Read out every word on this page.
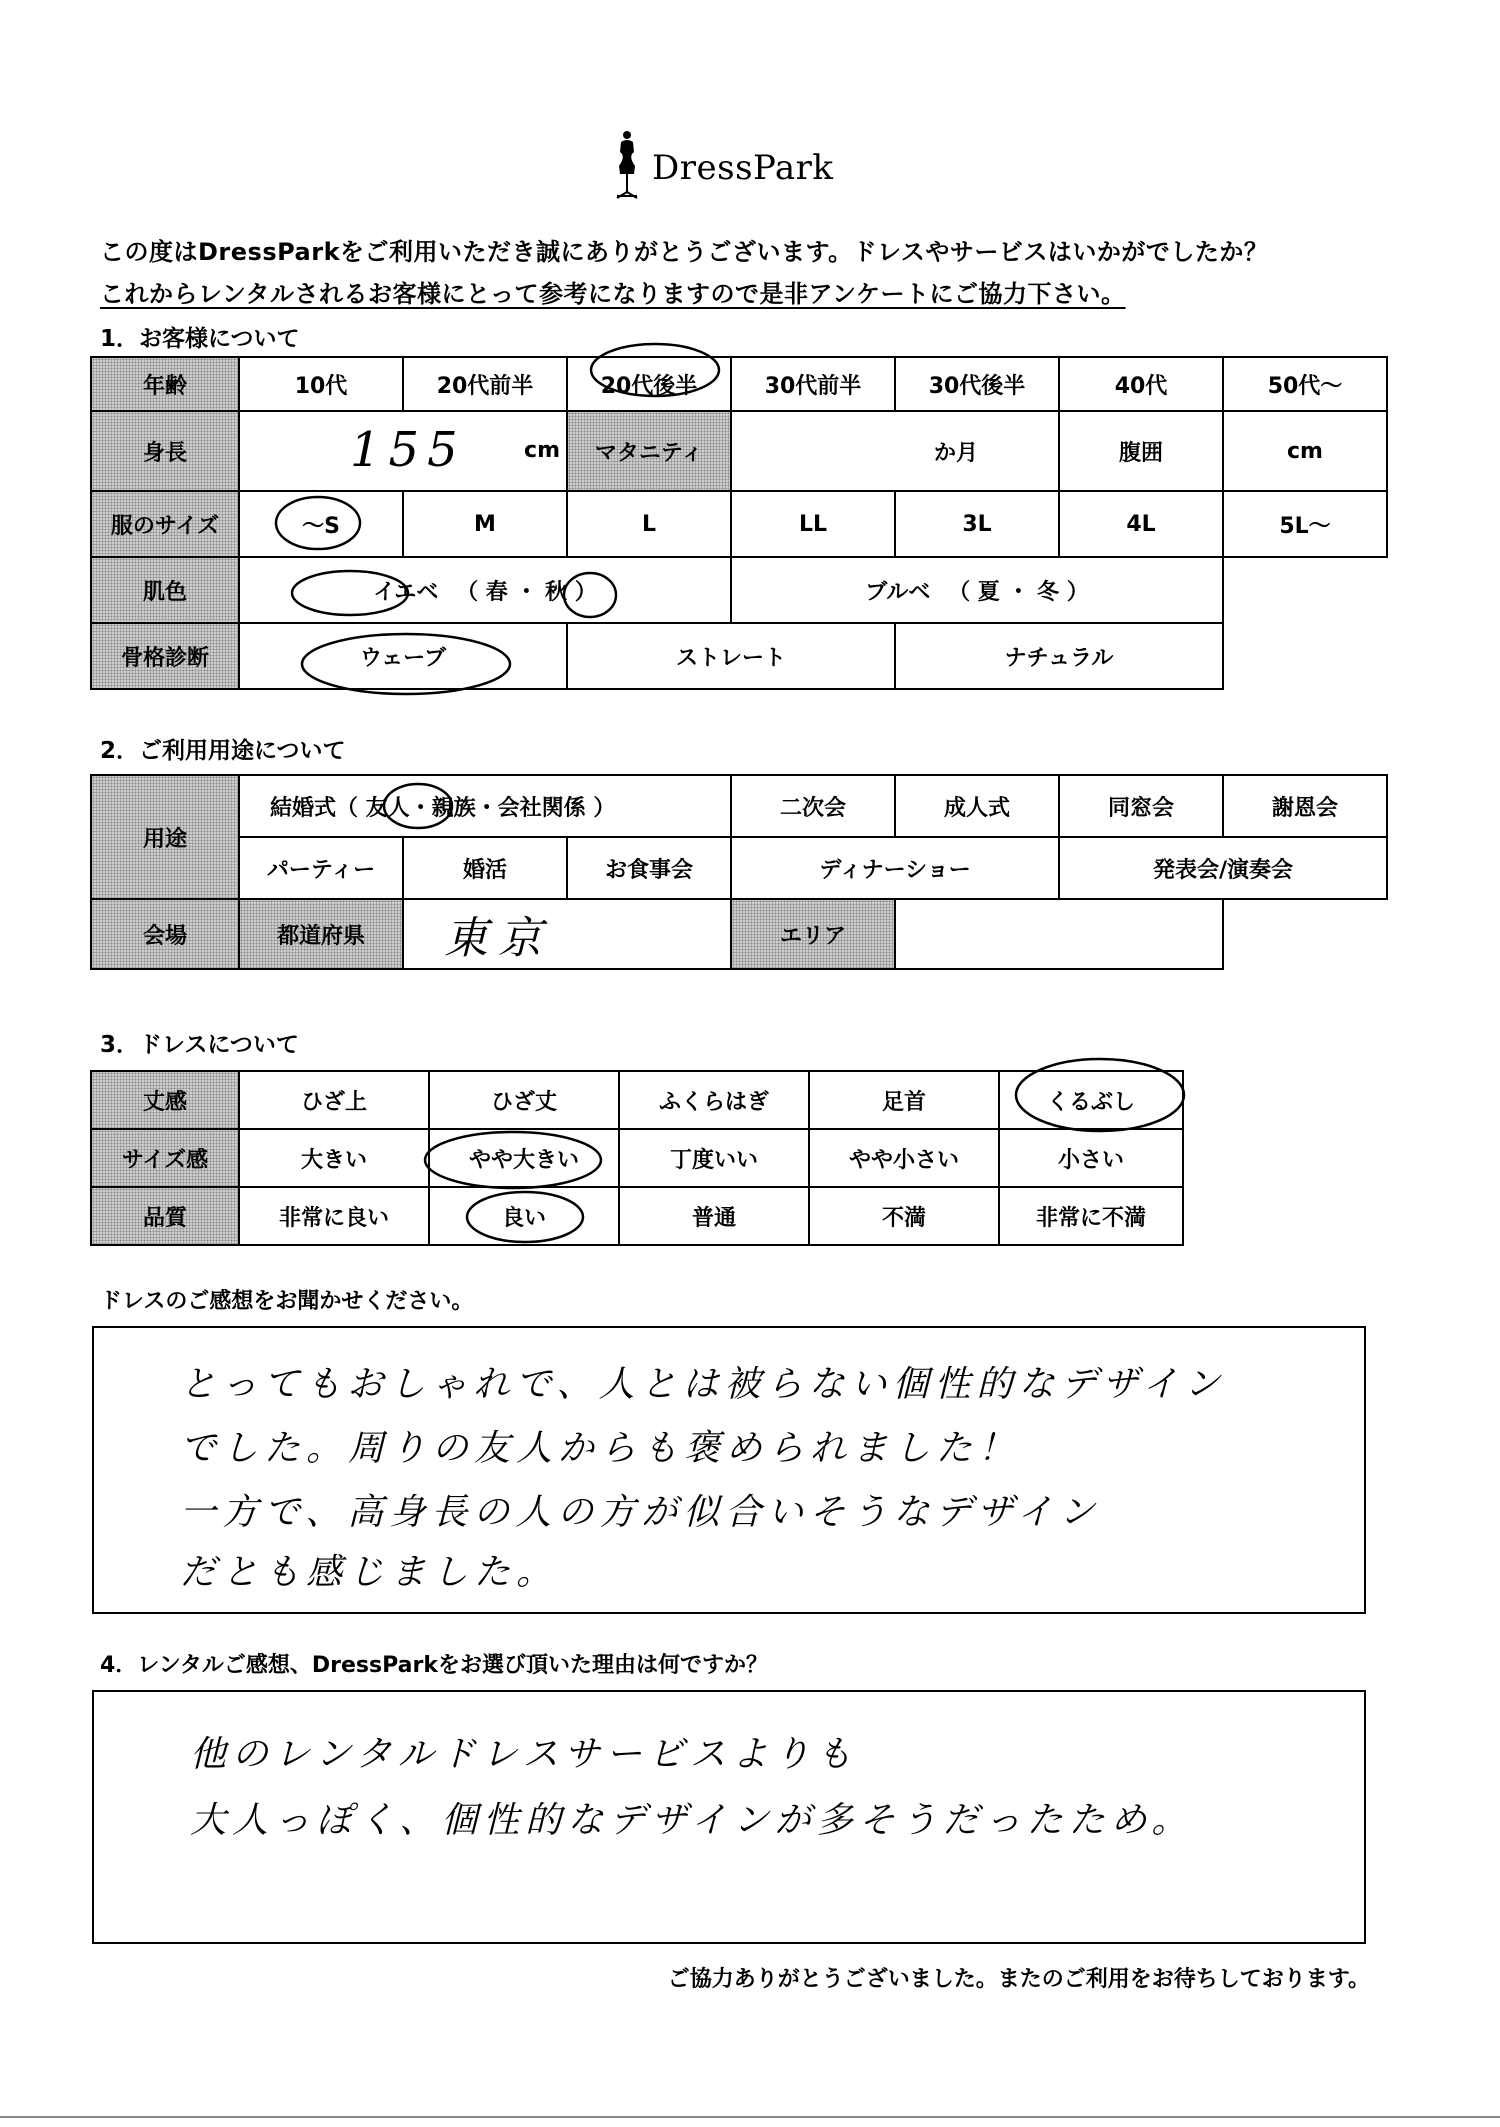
DressPark
この度はDressParkをご利用いただき誠にありがとうございます。ドレスやサービスはいかがでしたか？
これからレンタルされるお客様にとって参考になりますので是非アンケートにご協力下さい。
1．お客様について
年齢	10代	20代前半	20代後半	30代前半	30代後半	40代	50代～
身長	155 cm		マタニティ	か月		腹囲	cm
服のサイズ	～S	M	L	LL	3L	4L	5L～
肌色	イエベ （ 春 ・ 秋 ）			ブルベ （ 夏 ・ 冬 ）			
骨格診断	ウェーブ		ストレート		ナチュラル		
2．ご利用用途について
用途	結婚式（ 友人・親族・会社関係 ）			二次会	成人式	同窓会	謝恩会
	パーティー	婚活	お食事会	ディナーショー		発表会/演奏会	
会場	都道府県	東京		エリア			
3．ドレスについて
丈感	ひざ上	ひざ丈	ふくらはぎ	足首	くるぶし
サイズ感	大きい	やや大きい	丁度いい	やや小さい	小さい
品質	非常に良い	良い	普通	不満	非常に不満
ドレスのご感想をお聞かせください。
とってもおしゃれで、人とは被らない個性的なデザイン
でした。周りの友人からも褒められました！
一方で、高身長の人の方が似合いそうなデザイン
だとも感じました。
4．レンタルご感想、DressParkをお選び頂いた理由は何ですか？
他のレンタルドレスサービスよりも
大人っぽく、個性的なデザインが多そうだったため。
ご協力ありがとうございました。またのご利用をお待ちしております。
